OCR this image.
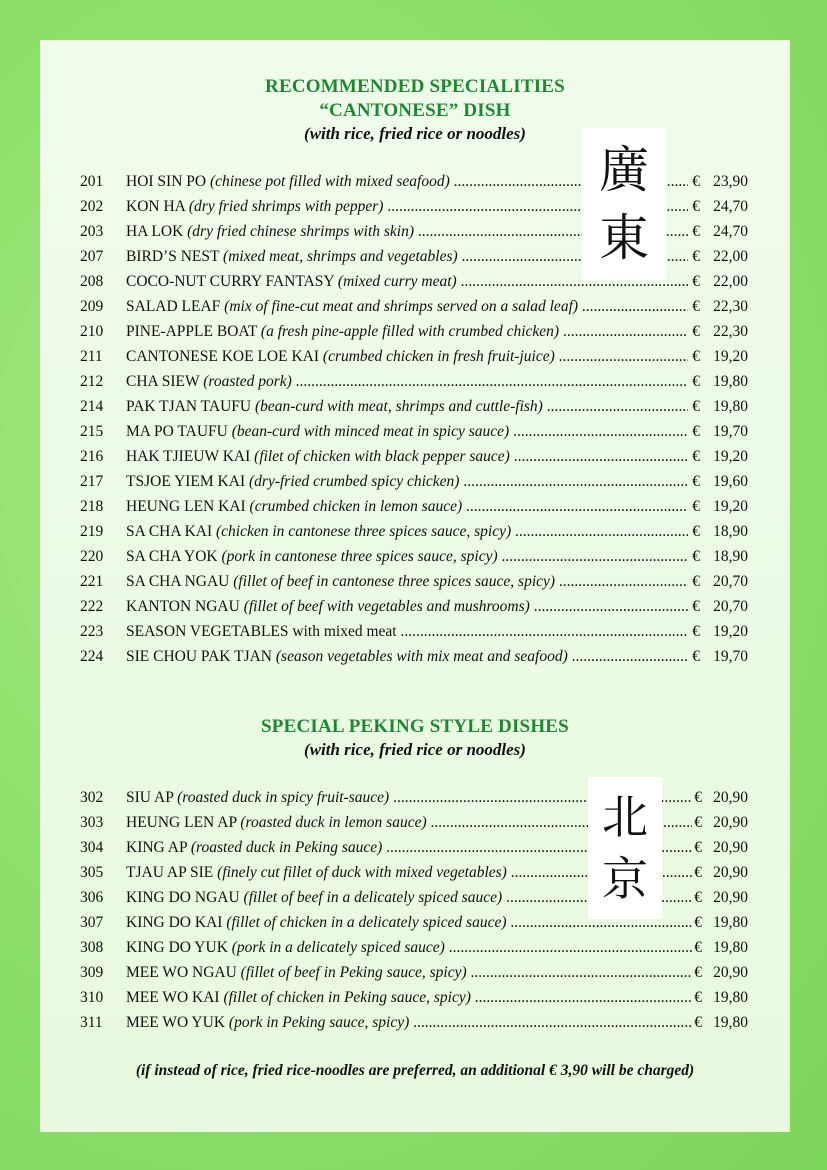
RECOMMENDED SPECIALITIES
“CANTONESE” DISH
(with rice, fried rice or noodles)
201 HOI SIN PO (chinese pot filled with mixed seafood) .....	€ 23,90
202 KON HA (dry fried shrimps with pepper) .....	€ 24,70
203 HA LOK (dry fried chinese shrimps with skin) .....	€ 24,70
207 BIRD’S NEST (mixed meat, shrimps and vegetables) .....	€ 22,00
208 COCO-NUT CURRY FANTASY (mixed curry meat) .....	€ 22,00
209 SALAD LEAF (mix of fine-cut meat and shrimps served on a salad leaf) .....	€ 22,30
210 PINE-APPLE BOAT (a fresh pine-apple filled with crumbed chicken) .....	€ 22,30
211 CANTONESE KOE LOE KAI (crumbed chicken in fresh fruit-juice) .....	€ 19,20
212 CHA SIEW (roasted pork) .....	€ 19,80
214 PAK TJAN TAUFU (bean-curd with meat, shrimps and cuttle-fish) .....	€ 19,80
215 MA PO TAUFU (bean-curd with minced meat in spicy sauce) .....	€ 19,70
216 HAK TJIEUW KAI (filet of chicken with black pepper sauce) .....	€ 19,20
217 TSJOE YIEM KAI (dry-fried crumbed spicy chicken) .....	€ 19,60
218 HEUNG LEN KAI (crumbed chicken in lemon sauce) .....	€ 19,20
219 SA CHA KAI (chicken in cantonese three spices sauce, spicy) .....	€ 18,90
220 SA CHA YOK (pork in cantonese three spices sauce, spicy) .....	€ 18,90
221 SA CHA NGAU (fillet of beef in cantonese three spices sauce, spicy) .....	€ 20,70
222 KANTON NGAU (fillet of beef with vegetables and mushrooms) .....	€ 20,70
223 SEASON VEGETABLES with mixed meat .....	€ 19,20
224 SIE CHOU PAK TJAN (season vegetables with mix meat and seafood) .....	€ 19,70
廣
東
SPECIAL PEKING STYLE DISHES
(with rice, fried rice or noodles)
302 SIU AP (roasted duck in spicy fruit-sauce) .....	€ 20,90
303 HEUNG LEN AP (roasted duck in lemon sauce) .....	€ 20,90
304 KING AP (roasted duck in Peking sauce) .....	€ 20,90
305 TJAU AP SIE (finely cut fillet of duck with mixed vegetables) .....	€ 20,90
306 KING DO NGAU (fillet of beef in a delicately spiced sauce) .....	€ 20,90
307 KING DO KAI (fillet of chicken in a delicately spiced sauce) .....	€ 19,80
308 KING DO YUK (pork in a delicately spiced sauce) .....	€ 19,80
309 MEE WO NGAU (fillet of beef in Peking sauce, spicy) .....	€ 20,90
310 MEE WO KAI (fillet of chicken in Peking sauce, spicy) .....	€ 19,80
311 MEE WO YUK (pork in Peking sauce, spicy) .....	€ 19,80
北
京
(if instead of rice, fried rice-noodles are preferred, an additional € 3,90 will be charged)
